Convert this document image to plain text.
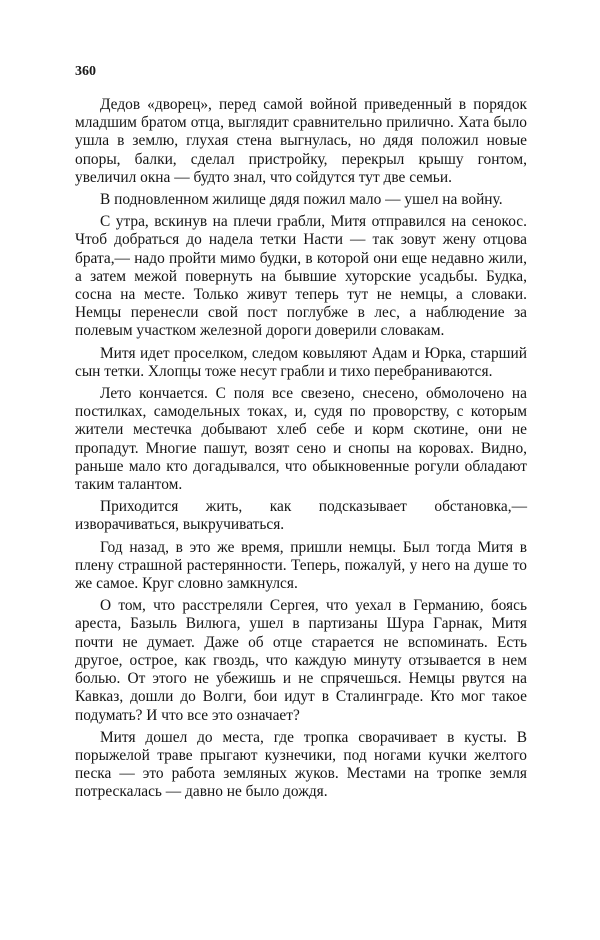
360

Дедов «дворец», перед самой войной приведенный в порядок младшим братом отца, выглядит сравнительно прилично. Хата было ушла в землю, глухая стена выгнулась, но дядя положил новые опоры, балки, сделал пристройку, перекрыл крышу гонтом, увеличил окна — будто знал, что сойдутся тут две семьи.

В подновленном жилище дядя пожил мало — ушел на войну.

С утра, вскинув на плечи грабли, Митя отправился на сенокос. Чтоб добраться до надела тетки Насти — так зовут жену отцова брата,— надо пройти мимо будки, в которой они еще недавно жили, а затем межой повернуть на бывшие хуторские усадьбы. Будка, сосна на месте. Только живут теперь тут не немцы, а словаки. Немцы перенесли свой пост поглубже в лес, а наблюдение за полевым участком железной дороги доверили словакам.

Митя идет проселком, следом ковыляют Адам и Юрка, старший сын тетки. Хлопцы тоже несут грабли и тихо перебраниваются.

Лето кончается. С поля все свезено, снесено, обмолочено на постилках, самодельных токах, и, судя по проворству, с которым жители местечка добывают хлеб себе и корм скотине, они не пропадут. Многие пашут, возят сено и снопы на коровах. Видно, раньше мало кто догадывался, что обыкновенные рогули обладают таким талантом.

Приходится жить, как подсказывает обстановка,— изворачиваться, выкручиваться.

Год назад, в это же время, пришли немцы. Был тогда Митя в плену страшной растерянности. Теперь, пожалуй, у него на душе то же самое. Круг словно замкнулся.

О том, что расстреляли Сергея, что уехал в Германию, боясь ареста, Базыль Вилюга, ушел в партизаны Шура Гарнак, Митя почти не думает. Даже об отце старается не вспоминать. Есть другое, острое, как гвоздь, что каждую минуту отзывается в нем болью. От этого не убежишь и не спрячешься. Немцы рвутся на Кавказ, дошли до Волги, бои идут в Сталинграде. Кто мог такое подумать? И что все это означает?

Митя дошел до места, где тропка сворачивает в кусты. В порыжелой траве прыгают кузнечики, под ногами кучки желтого песка — это работа земляных жуков. Местами на тропке земля потрескалась — давно не было дождя.
